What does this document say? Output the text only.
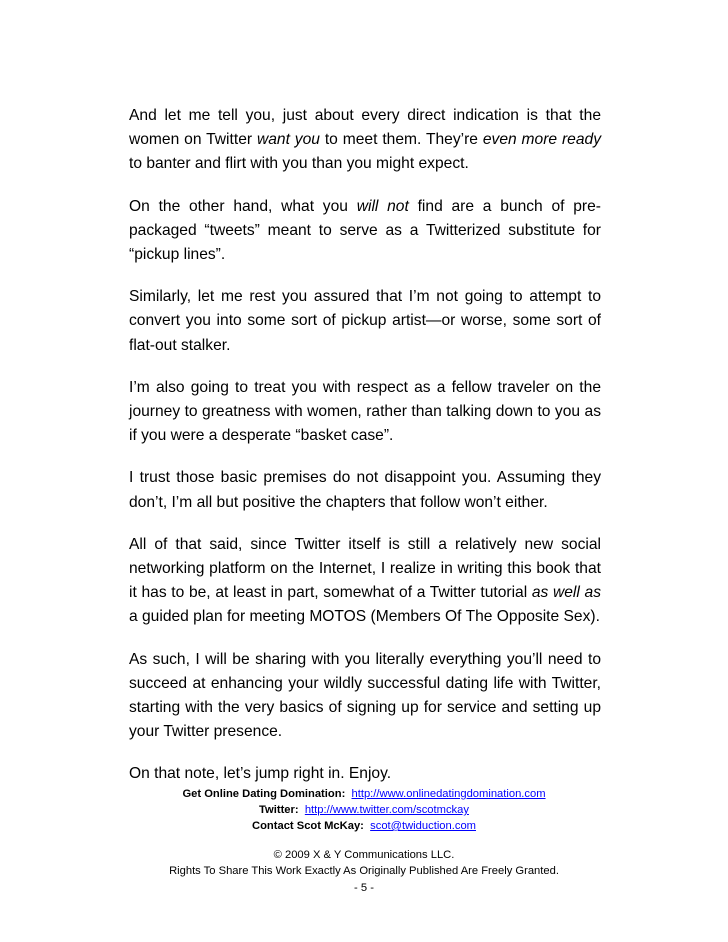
And let me tell you, just about every direct indication is that the women on Twitter want you to meet them. They’re even more ready to banter and flirt with you than you might expect.

On the other hand, what you will not find are a bunch of pre-packaged “tweets” meant to serve as a Twitterized substitute for “pickup lines”.

Similarly, let me rest you assured that I’m not going to attempt to convert you into some sort of pickup artist—or worse, some sort of flat-out stalker.

I’m also going to treat you with respect as a fellow traveler on the journey to greatness with women, rather than talking down to you as if you were a desperate “basket case”.

I trust those basic premises do not disappoint you. Assuming they don’t, I’m all but positive the chapters that follow won’t either.

All of that said, since Twitter itself is still a relatively new social networking platform on the Internet, I realize in writing this book that it has to be, at least in part, somewhat of a Twitter tutorial as well as a guided plan for meeting MOTOS (Members Of The Opposite Sex).

As such, I will be sharing with you literally everything you’ll need to succeed at enhancing your wildly successful dating life with Twitter, starting with the very basics of signing up for service and setting up your Twitter presence.

On that note, let’s jump right in. Enjoy.

Get Online Dating Domination: http://www.onlinedatingdomination.com
Twitter: http://www.twitter.com/scotmckay
Contact Scot McKay: scot@twiduction.com
© 2009 X & Y Communications LLC.
Rights To Share This Work Exactly As Originally Published Are Freely Granted.
- 5 -
